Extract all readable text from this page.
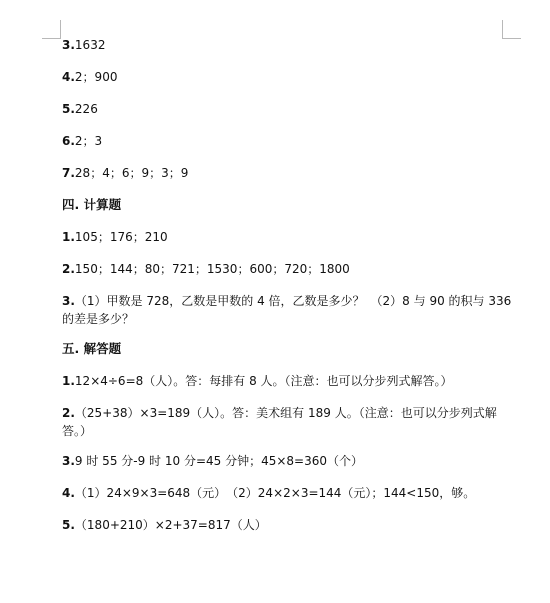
3.1632
4.2；900
5.226
6.2；3
7.28；4；6；9；3；9
四. 计算题
1.105；176；210
2.150；144；80；721；1530；600；720；1800
3.（1）甲数是 728，乙数是甲数的 4 倍，乙数是多少？　（2）8 与 90 的积与 336 的差是多少？
五. 解答题
1.12×4÷6=8（人）。答：每排有 8 人。（注意：也可以分步列式解答。）
2.（25+38）×3=189（人）。答：美术组有 189 人。（注意：也可以分步列式解答。）
3.9 时 55 分-9 时 10 分=45 分钟；45×8=360（个）
4.（1）24×9×3=648（元）　（2）24×2×3=144（元）；144<150，够。
5.（180+210）×2+37=817（人）
